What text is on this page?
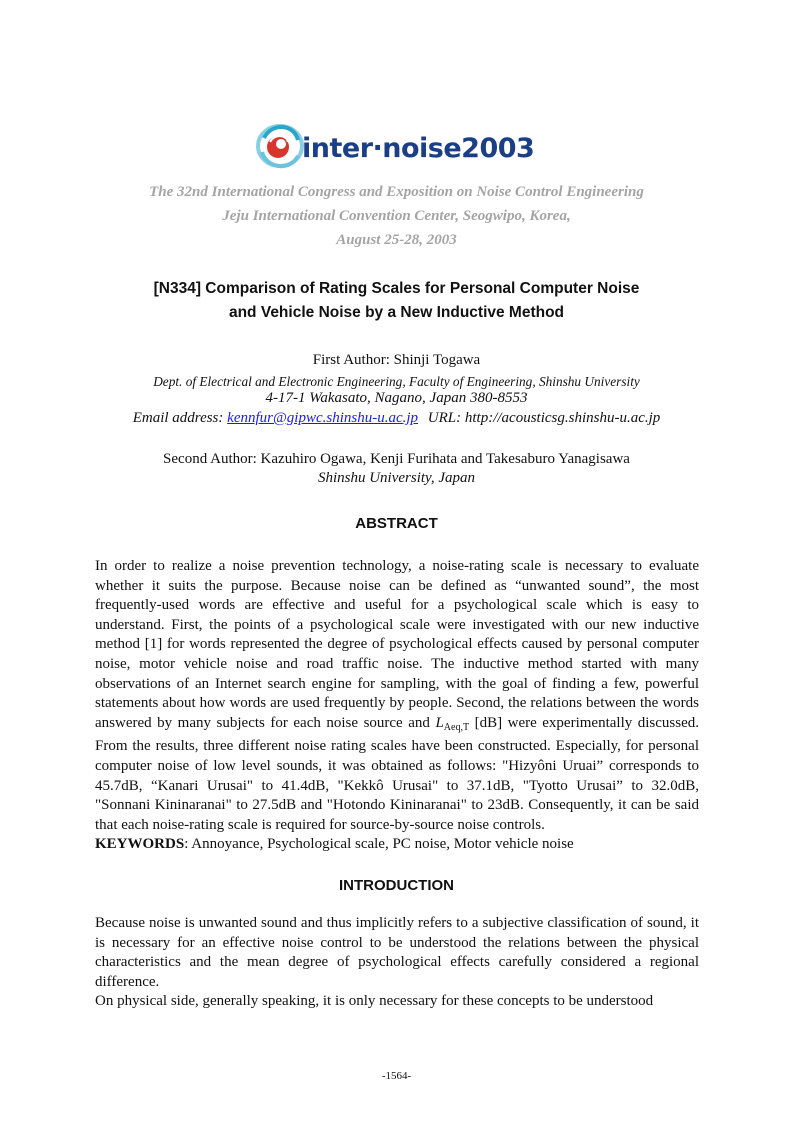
inter·noise2003
The 32nd International Congress and Exposition on Noise Control Engineering
Jeju International Convention Center, Seogwipo, Korea,
August 25-28, 2003
[N334] Comparison of Rating Scales for Personal Computer Noise
and Vehicle Noise by a New Inductive Method
First Author: Shinji Togawa
Dept. of Electrical and Electronic Engineering, Faculty of Engineering, Shinshu University
4-17-1 Wakasato, Nagano, Japan 380-8553
Email address: kennfur@gipwc.shinshu-u.ac.jp URL: http://acousticsg.shinshu-u.ac.jp
Second Author: Kazuhiro Ogawa, Kenji Furihata and Takesaburo Yanagisawa
Shinshu University, Japan
ABSTRACT

In order to realize a noise prevention technology, a noise-rating scale is necessary to evaluate whether it suits the purpose. Because noise can be defined as “unwanted sound”, the most frequently-used words are effective and useful for a psychological scale which is easy to understand. First, the points of a psychological scale were investigated with our new inductive method [1] for words represented the degree of psychological effects caused by personal computer noise, motor vehicle noise and road traffic noise. The inductive method started with many observations of an Internet search engine for sampling, with the goal of finding a few, powerful statements about how words are used frequently by people. Second, the relations between the words answered by many subjects for each noise source and $L_{Aeq,T}$ [dB] were experimentally discussed. From the results, three different noise rating scales have been constructed. Especially, for personal computer noise of low level sounds, it was obtained as follows: "Hizyôni Uruai” corresponds to 45.7dB, “Kanari Urusai" to 41.4dB, "Kekkô Urusai" to 37.1dB, "Tyotto Urusai” to 32.0dB, "Sonnani Kininaranai" to 27.5dB and "Hotondo Kininaranai" to 23dB. Consequently, it can be said that each noise-rating scale is required for source-by-source noise controls.

KEYWORDS: Annoyance, Psychological scale, PC noise, Motor vehicle noise

INTRODUCTION

Because noise is unwanted sound and thus implicitly refers to a subjective classification of sound, it is necessary for an effective noise control to be understood the relations between the physical characteristics and the mean degree of psychological effects carefully considered a regional difference.

On physical side, generally speaking, it is only necessary for these concepts to be understood

-1564-
